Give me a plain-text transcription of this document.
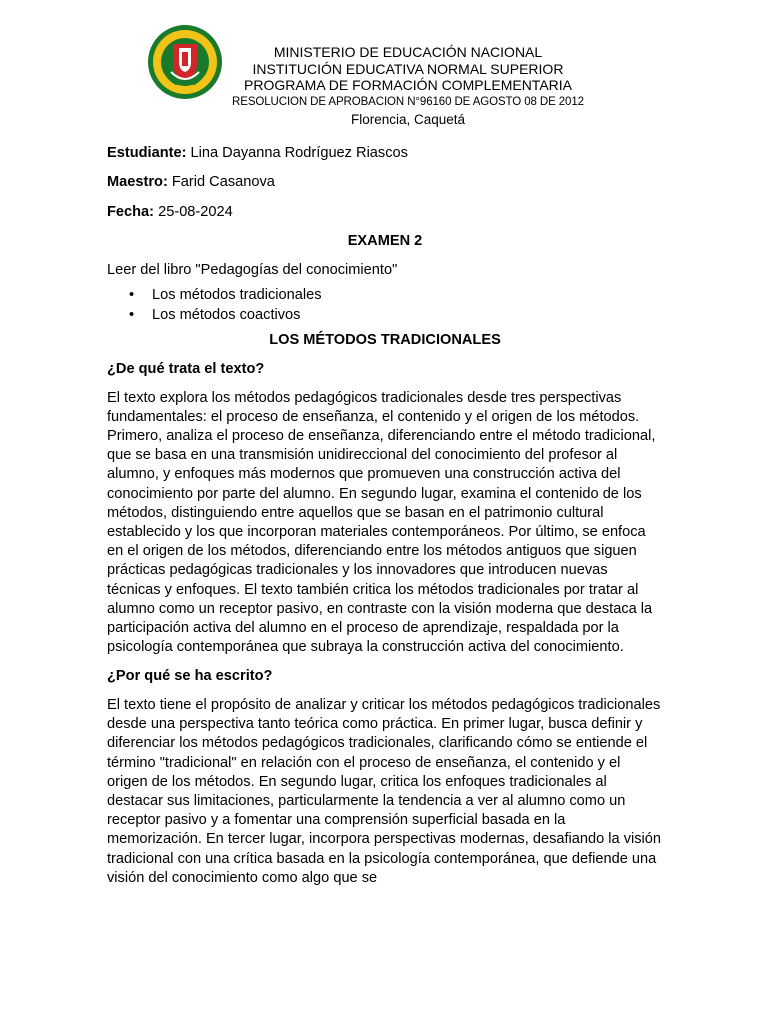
MINISTERIO DE EDUCACIÓN NACIONAL
INSTITUCIÓN EDUCATIVA NORMAL SUPERIOR
PROGRAMA DE FORMACIÓN COMPLEMENTARIA
RESOLUCION DE APROBACION N°96160 DE AGOSTO 08 DE 2012
Florencia, Caquetá

Estudiante: Lina Dayanna Rodríguez Riascos

Maestro: Farid Casanova

Fecha: 25-08-2024

EXAMEN 2

Leer del libro "Pedagogías del conocimiento"

• Los métodos tradicionales
• Los métodos coactivos

LOS MÉTODOS TRADICIONALES

¿De qué trata el texto?

El texto explora los métodos pedagógicos tradicionales desde tres perspectivas fundamentales: el proceso de enseñanza, el contenido y el origen de los métodos. Primero, analiza el proceso de enseñanza, diferenciando entre el método tradicional, que se basa en una transmisión unidireccional del conocimiento del profesor al alumno, y enfoques más modernos que promueven una construcción activa del conocimiento por parte del alumno. En segundo lugar, examina el contenido de los métodos, distinguiendo entre aquellos que se basan en el patrimonio cultural establecido y los que incorporan materiales contemporáneos. Por último, se enfoca en el origen de los métodos, diferenciando entre los métodos antiguos que siguen prácticas pedagógicas tradicionales y los innovadores que introducen nuevas técnicas y enfoques. El texto también critica los métodos tradicionales por tratar al alumno como un receptor pasivo, en contraste con la visión moderna que destaca la participación activa del alumno en el proceso de aprendizaje, respaldada por la psicología contemporánea que subraya la construcción activa del conocimiento.

¿Por qué se ha escrito?

El texto tiene el propósito de analizar y criticar los métodos pedagógicos tradicionales desde una perspectiva tanto teórica como práctica. En primer lugar, busca definir y diferenciar los métodos pedagógicos tradicionales, clarificando cómo se entiende el término "tradicional" en relación con el proceso de enseñanza, el contenido y el origen de los métodos. En segundo lugar, critica los enfoques tradicionales al destacar sus limitaciones, particularmente la tendencia a ver al alumno como un receptor pasivo y a fomentar una comprensión superficial basada en la memorización. En tercer lugar, incorpora perspectivas modernas, desafiando la visión tradicional con una crítica basada en la psicología contemporánea, que defiende una visión del conocimiento como algo que se
